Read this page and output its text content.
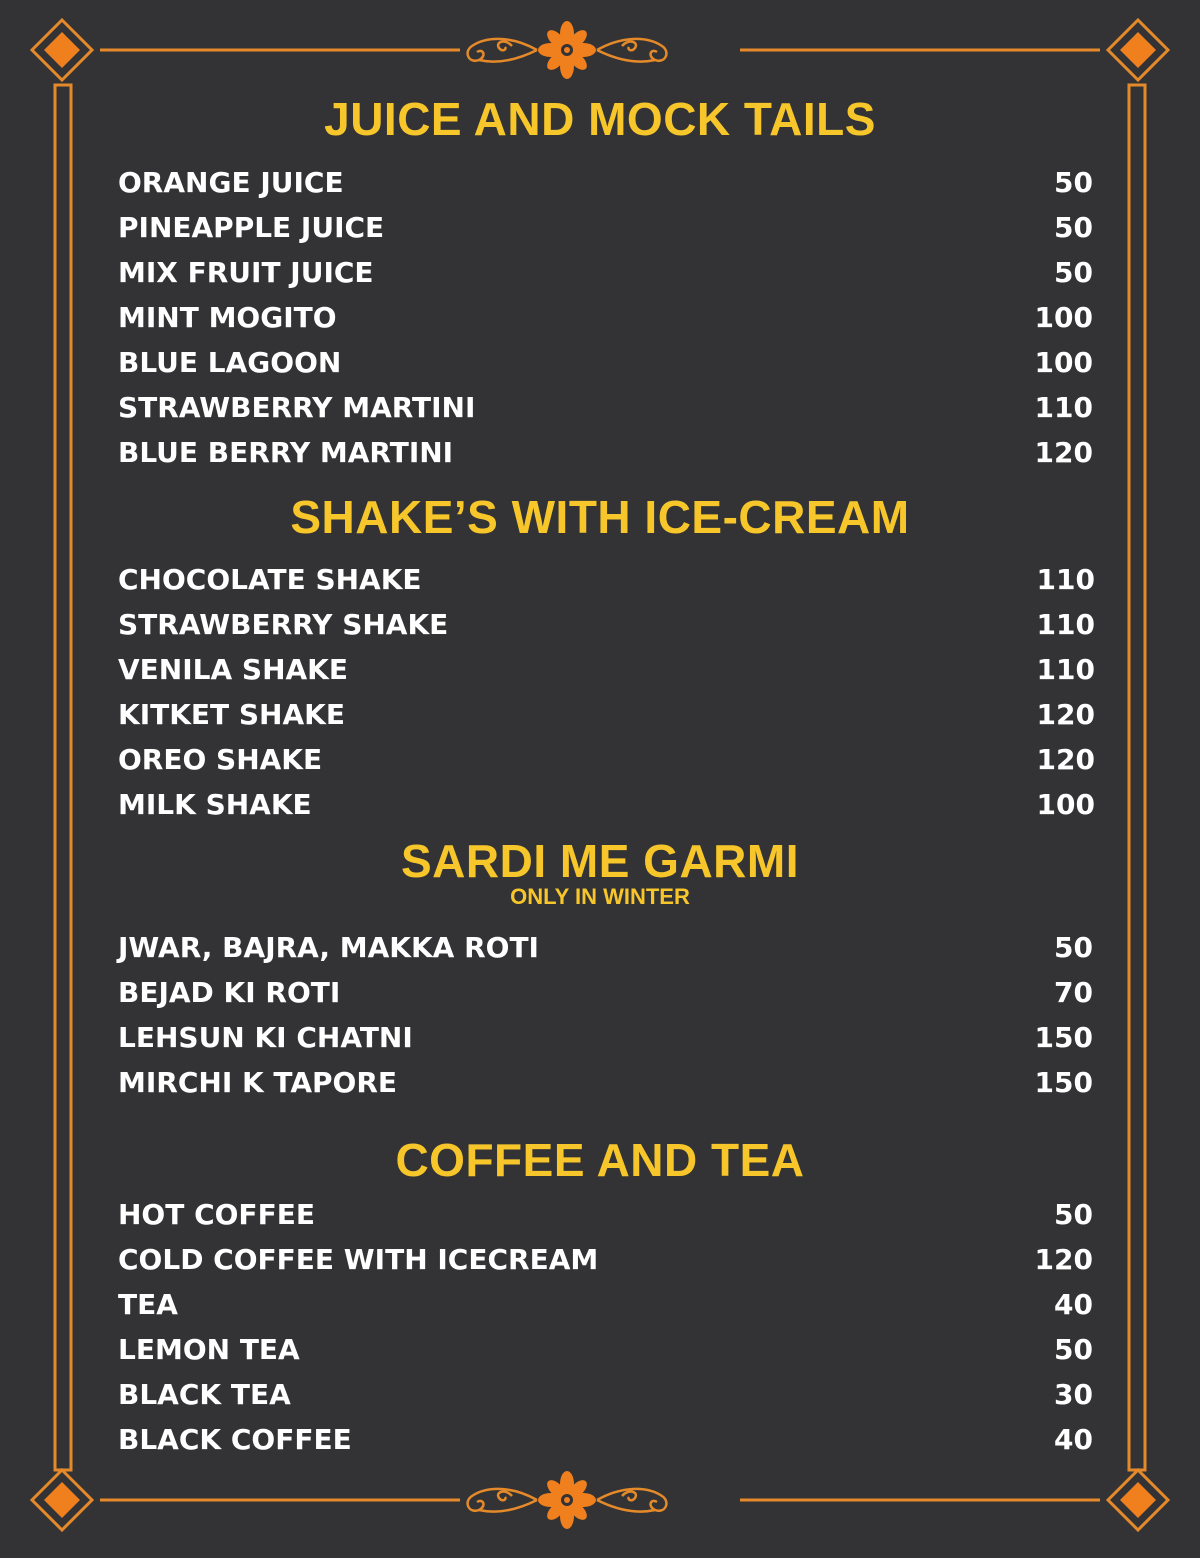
JUICE AND MOCK TAILS
ORANGE JUICE	50
PINEAPPLE JUICE	50
MIX FRUIT JUICE	50
MINT MOGITO	100
BLUE LAGOON	100
STRAWBERRY MARTINI	110
BLUE BERRY MARTINI	120
SHAKE’S WITH ICE-CREAM
CHOCOLATE SHAKE	110
STRAWBERRY SHAKE	110
VENILA SHAKE	110
KITKET SHAKE	120
OREO SHAKE	120
MILK SHAKE	100
SARDI ME GARMI
ONLY IN WINTER
JWAR, BAJRA, MAKKA ROTI	50
BEJAD KI ROTI	70
LEHSUN KI CHATNI	150
MIRCHI K TAPORE	150
COFFEE AND TEA
HOT COFFEE	50
COLD COFFEE WITH ICECREAM	120
TEA	40
LEMON TEA	50
BLACK TEA	30
BLACK COFFEE	40
